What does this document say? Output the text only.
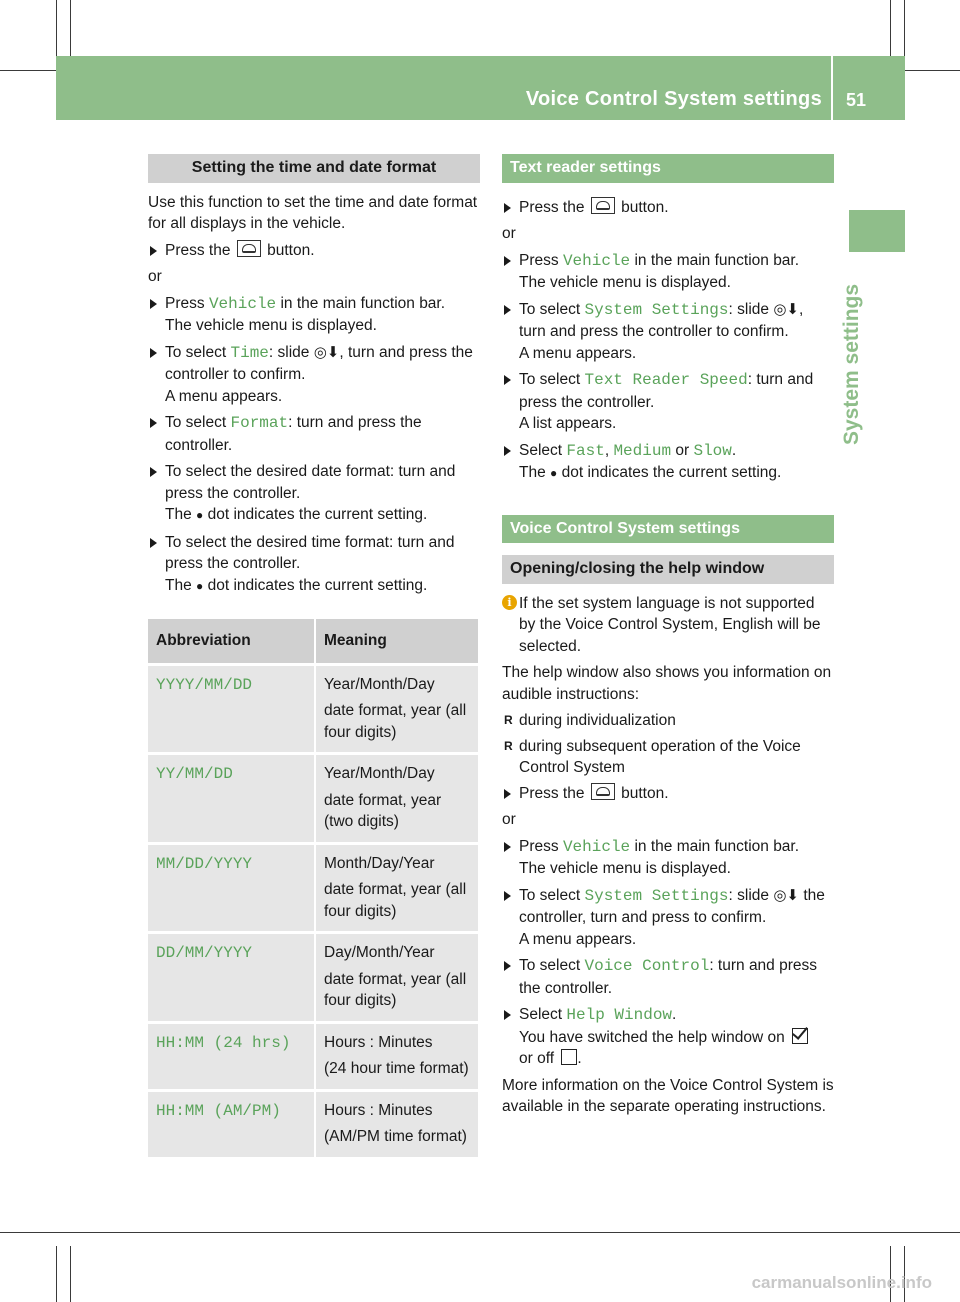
Voice Control System settings 51
System settings
Setting the time and date format

Use this function to set the time and date format for all displays in the vehicle.

Press the button.

or

Press Vehicle in the main function bar.
The vehicle menu is displayed.
To select Time: slide ◎⬇, turn and press the controller to confirm.
A menu appears.
To select Format: turn and press the controller.
To select the desired date format: turn and press the controller.
The ● dot indicates the current setting.
To select the desired time format: turn and press the controller.
The ● dot indicates the current setting.
Abbreviation	Meaning
YYYY/MM/DD	Year/Month/Day
date format, year (all four digits)

YY/MM/DD	Year/Month/Day
date format, year (two digits)

MM/DD/YYYY	Month/Day/Year
date format, year (all four digits)

DD/MM/YYYY	Day/Month/Year
date format, year (all four digits)

HH:MM (24 hrs)	Hours : Minutes
(24 hour time format)

HH:MM (AM/PM)	Hours : Minutes
(AM/PM time format)
Text reader settings
Press the button.

or

Press Vehicle in the main function bar.
The vehicle menu is displayed.
To select System Settings: slide ◎⬇, turn and press the controller to confirm.
A menu appears.
To select Text Reader Speed: turn and press the controller.
A list appears.
Select Fast, Medium or Slow.
The ● dot indicates the current setting.
Voice Control System settings
Opening/closing the help window
i If the set system language is not supported by the Voice Control System, English will be selected.

The help window also shows you information on audible instructions:

R during individualization
R during subsequent operation of the Voice Control System
Press the button.

or

Press Vehicle in the main function bar.
The vehicle menu is displayed.
To select System Settings: slide ◎⬇ the controller, turn and press to confirm.
A menu appears.
To select Voice Control: turn and press the controller.
Select Help Window.
You have switched the help window on
or off .

More information on the Voice Control System is available in the separate operating instructions.

carmanualsonline.info
